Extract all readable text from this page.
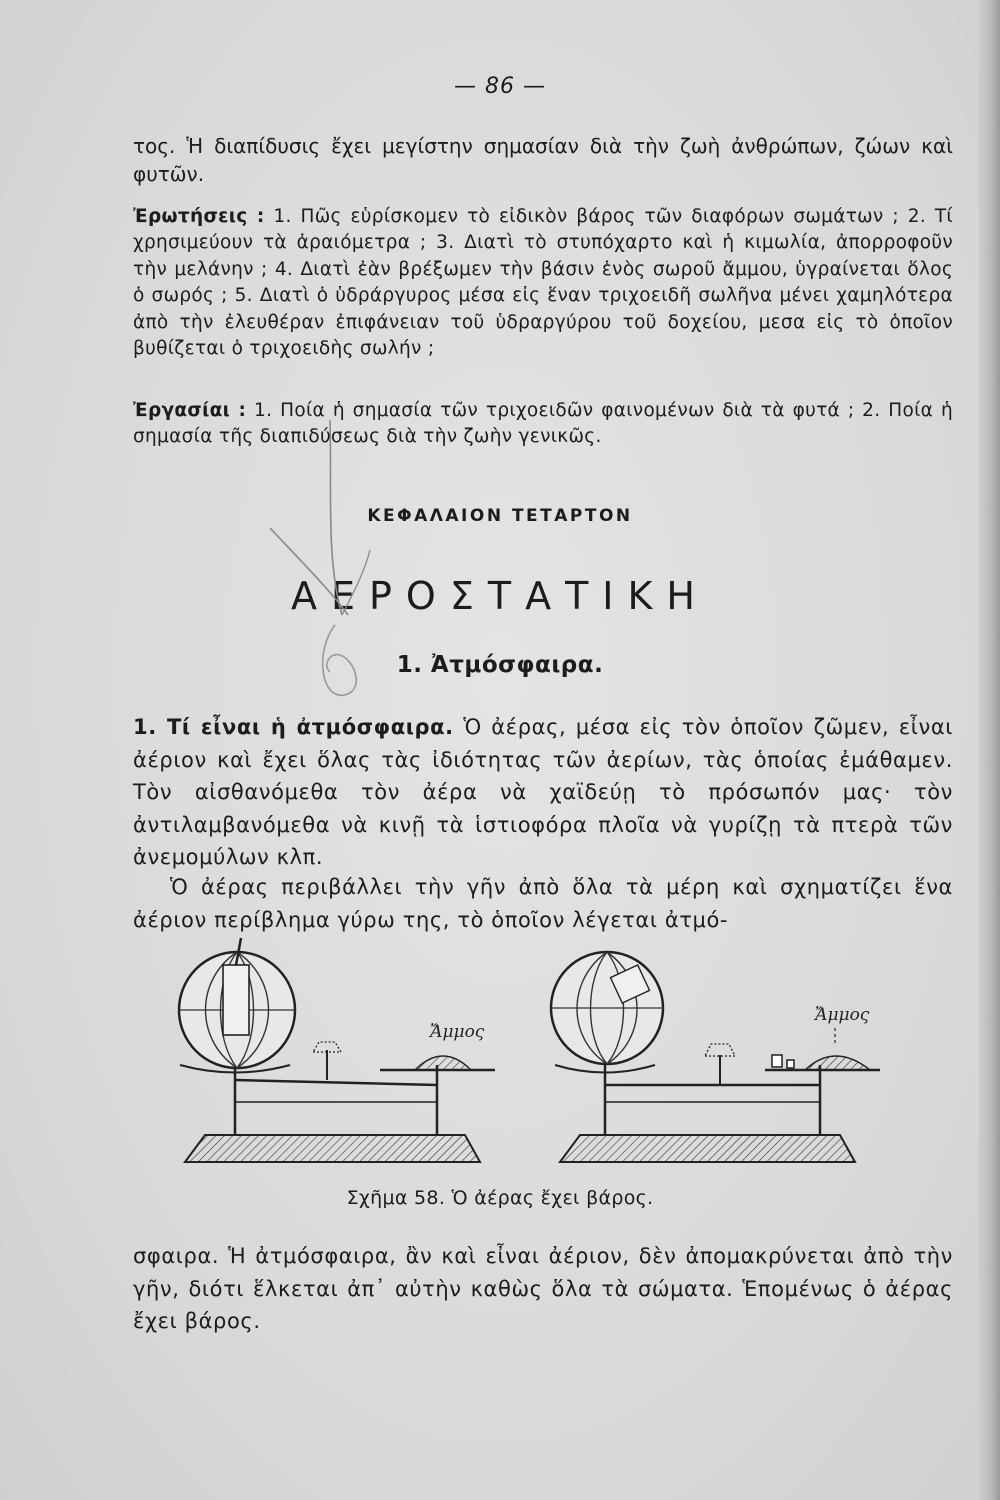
— 86 —

τος. Ἡ διαπίδυσις ἔχει μεγίστην σημασίαν διὰ τὴν ζωὴ ἀνθρώπων, ζώων καὶ φυτῶν.

Ἐρωτήσεις : 1. Πῶς εὑρίσκομεν τὸ εἰδικὸν βάρος τῶν διαφόρων σωμάτων ; 2. Τί χρησιμεύουν τὰ ἀραιόμετρα ; 3. Διατὶ τὸ στυπόχαρτο καὶ ἡ κιμωλία, ἀπορροφοῦν τὴν μελάνην ; 4. Διατὶ ἐὰν βρέξωμεν τὴν βάσιν ἑνὸς σωροῦ ἄμμου, ὑγραίνεται ὅλος ὁ σωρός ; 5. Διατὶ ὁ ὑδράργυρος μέσα εἰς ἕναν τριχοειδῆ σωλῆνα μένει χαμηλότερα ἀπὸ τὴν ἐλευθέραν ἐπιφάνειαν τοῦ ὑδραργύρου τοῦ δοχείου, μεσα εἰς τὸ ὁποῖον βυθίζεται ὁ τριχοειδὴς σωλήν ;

Ἐργασίαι : 1. Ποία ἡ σημασία τῶν τριχοειδῶν φαινομένων διὰ τὰ φυτά ; 2. Ποία ἡ σημασία τῆς διαπιδύσεως διὰ τὴν ζωὴν γενικῶς.

ΚΕΦΑΛΑΙΟΝ ΤΕΤΑΡΤΟΝ
ΑΕΡΟΣΤΑΤΙΚΗ
1. Ἀτμόσφαιρα.

1. Τί εἶναι ἡ ἀτμόσφαιρα. Ὁ ἀέρας, μέσα εἰς τὸν ὁποῖον ζῶμεν, εἶναι ἀέριον καὶ ἔχει ὅλας τὰς ἰδιότητας τῶν ἀερίων, τὰς ὁποίας ἐμάθαμεν. Τὸν αἰσθανόμεθα τὸν ἀέρα νὰ χαϊδεύῃ τὸ πρόσωπόν μας· τὸν ἀντιλαμβανόμεθα νὰ κινῇ τὰ ἱστιοφόρα πλοῖα νὰ γυρίζῃ τὰ πτερὰ τῶν ἀνεμομύλων κλπ.

Ὁ ἀέρας περιβάλλει τὴν γῆν ἀπὸ ὅλα τὰ μέρη καὶ σχηματίζει ἕνα ἀέριον περίβλημα γύρω της, τὸ ὁποῖον λέγεται ἀτμό-

Ἄμμος
Ἄμμος
Σχῆμα 58. Ὁ ἀέρας ἔχει βάρος.

σφαιρα. Ἡ ἀτμόσφαιρα, ἂν καὶ εἶναι ἀέριον, δὲν ἀπομακρύνεται ἀπὸ τὴν γῆν, διότι ἕλκεται ἀπ᾿ αὐτὴν καθὼς ὅλα τὰ σώματα. Ἑπομένως ὁ ἀέρας ἔχει βάρος.
